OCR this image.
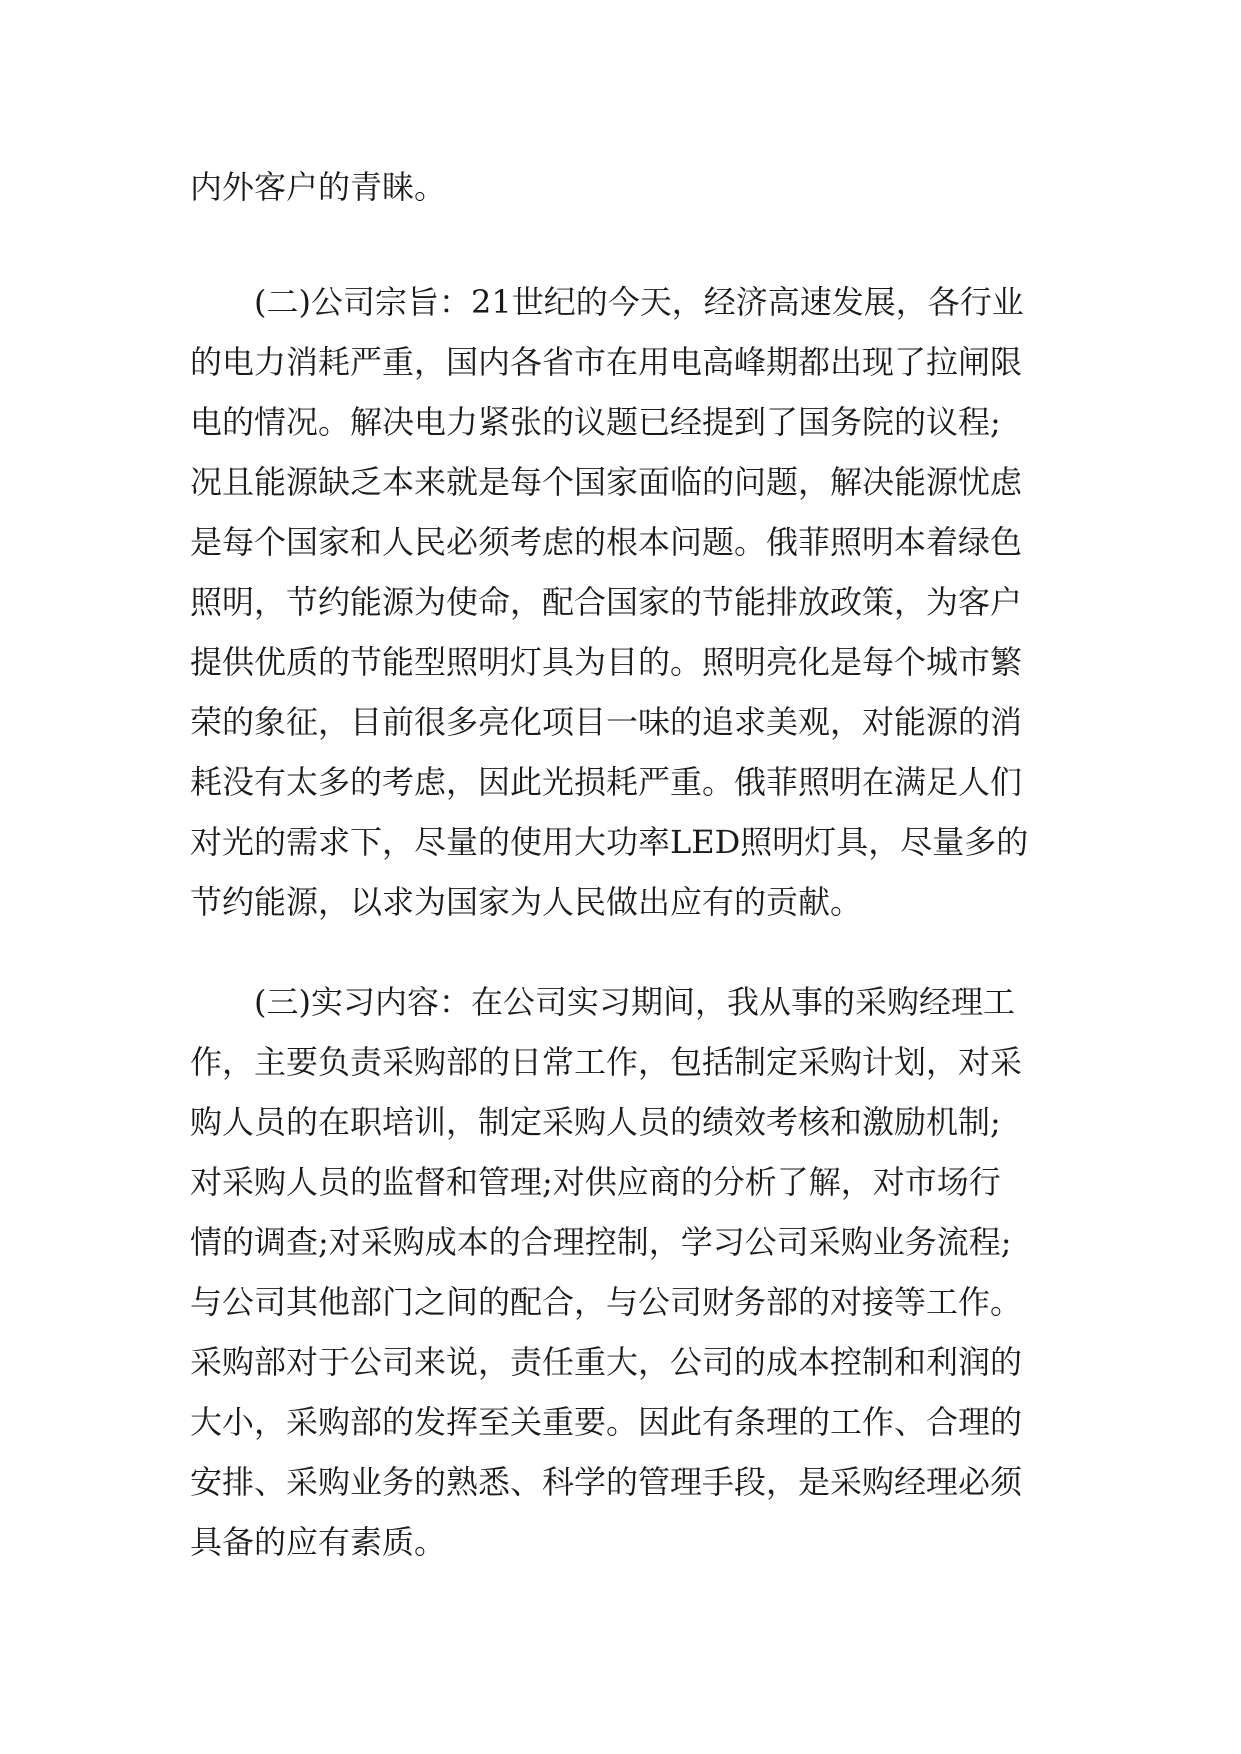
内外客户的青睐。
　　(二)公司宗旨：21世纪的今天，经济高速发展，各行业
的电力消耗严重，国内各省市在用电高峰期都出现了拉闸限
电的情况。解决电力紧张的议题已经提到了国务院的议程;
况且能源缺乏本来就是每个国家面临的问题，解决能源忧虑
是每个国家和人民必须考虑的根本问题。俄菲照明本着绿色
照明，节约能源为使命，配合国家的节能排放政策，为客户
提供优质的节能型照明灯具为目的。照明亮化是每个城市繁
荣的象征，目前很多亮化项目一味的追求美观，对能源的消
耗没有太多的考虑，因此光损耗严重。俄菲照明在满足人们
对光的需求下，尽量的使用大功率LED照明灯具，尽量多的
节约能源，以求为国家为人民做出应有的贡献。
　　(三)实习内容：在公司实习期间，我从事的采购经理工
作，主要负责采购部的日常工作，包括制定采购计划，对采
购人员的在职培训，制定采购人员的绩效考核和激励机制;
对采购人员的监督和管理;对供应商的分析了解，对市场行
情的调查;对采购成本的合理控制，学习公司采购业务流程;
与公司其他部门之间的配合，与公司财务部的对接等工作。
采购部对于公司来说，责任重大，公司的成本控制和利润的
大小，采购部的发挥至关重要。因此有条理的工作、合理的
安排、采购业务的熟悉、科学的管理手段，是采购经理必须
具备的应有素质。
